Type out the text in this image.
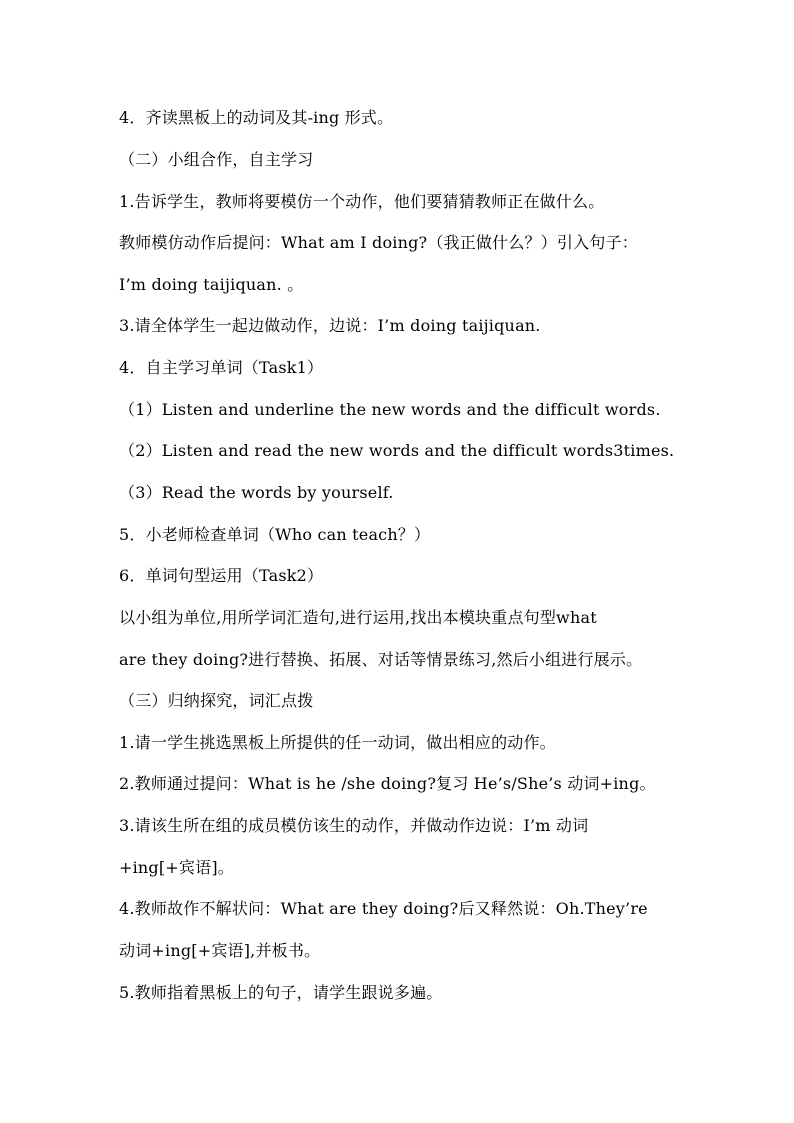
4．齐读黑板上的动词及其-ing 形式。
（二）小组合作，自主学习
1.告诉学生，教师将要模仿一个动作，他们要猜猜教师正在做什么。
教师模仿动作后提问：What am I doing?（我正做什么？）引入句子：
I’m doing taijiquan. 。
3.请全体学生一起边做动作，边说：I’m doing taijiquan.
4．自主学习单词（Task1）
（1）Listen and underline the new words and the difficult words.
（2）Listen and read the new words and the difficult words3times.
（3）Read the words by yourself.
5．小老师检查单词（Who can teach？）
6．单词句型运用（Task2）
以小组为单位,用所学词汇造句,进行运用,找出本模块重点句型what
are they doing?进行替换、拓展、对话等情景练习,然后小组进行展示。
（三）归纳探究，词汇点拨
1.请一学生挑选黑板上所提供的任一动词，做出相应的动作。
2.教师通过提问：What is he /she doing?复习 He’s/She’s 动词+ing。
3.请该生所在组的成员模仿该生的动作，并做动作边说：I’m 动词
+ing[+宾语]。
4.教师故作不解状问：What are they doing?后又释然说：Oh.They’re
动词+ing[+宾语],并板书。
5.教师指着黑板上的句子，请学生跟说多遍。
